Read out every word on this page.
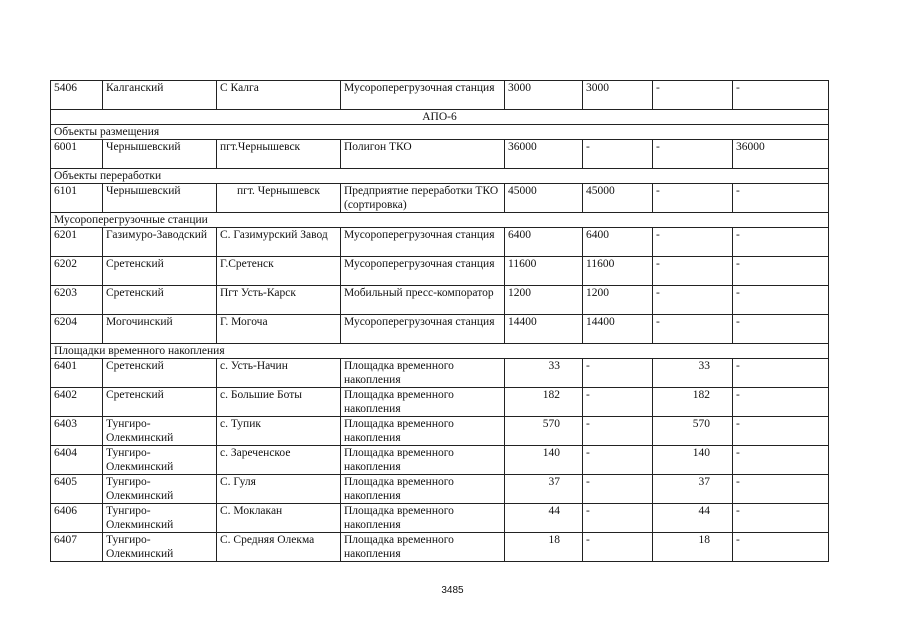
5406	Калганский	С Калга	Мусороперегрузочная станция	3000	3000	-	-
АПО-6							
Объекты размещения							
6001	Чернышевский	пгт.Чернышевск	Полигон ТКО	36000	-	-	36000
Объекты переработки							
6101	Чернышевский	пгт. Чернышевск	Предприятие переработки ТКО (сортировка)	45000	45000	-	-
Мусороперегрузочные станции							
6201	Газимуро-Заводский	С. Газимурский Завод	Мусороперегрузочная станция	6400	6400	-	-
6202	Сретенский	Г.Сретенск	Мусороперегрузочная станция	11600	11600	-	-
6203	Сретенский	Пгт Усть-Карск	Мобильный пресс-компоратор	1200	1200	-	-
6204	Могочинский	Г. Могоча	Мусороперегрузочная станция	14400	14400	-	-
Площадки временного накопления							
6401	Сретенский	с. Усть-Начин	Площадка временного накопления	33	-	33	-
6402	Сретенский	с. Большие Боты	Площадка временного накопления	182	-	182	-
6403	Тунгиро-Олекминский	с. Тупик	Площадка временного накопления	570	-	570	-
6404	Тунгиро-Олекминский	с. Зареченское	Площадка временного накопления	140	-	140	-
6405	Тунгиро-Олекминский	С. Гуля	Площадка временного накопления	37	-	37	-
6406	Тунгиро-Олекминский	С. Моклакан	Площадка временного накопления	44	-	44	-
6407	Тунгиро-Олекминский	С. Средняя Олекма	Площадка временного накопления	18	-	18	-
3485
